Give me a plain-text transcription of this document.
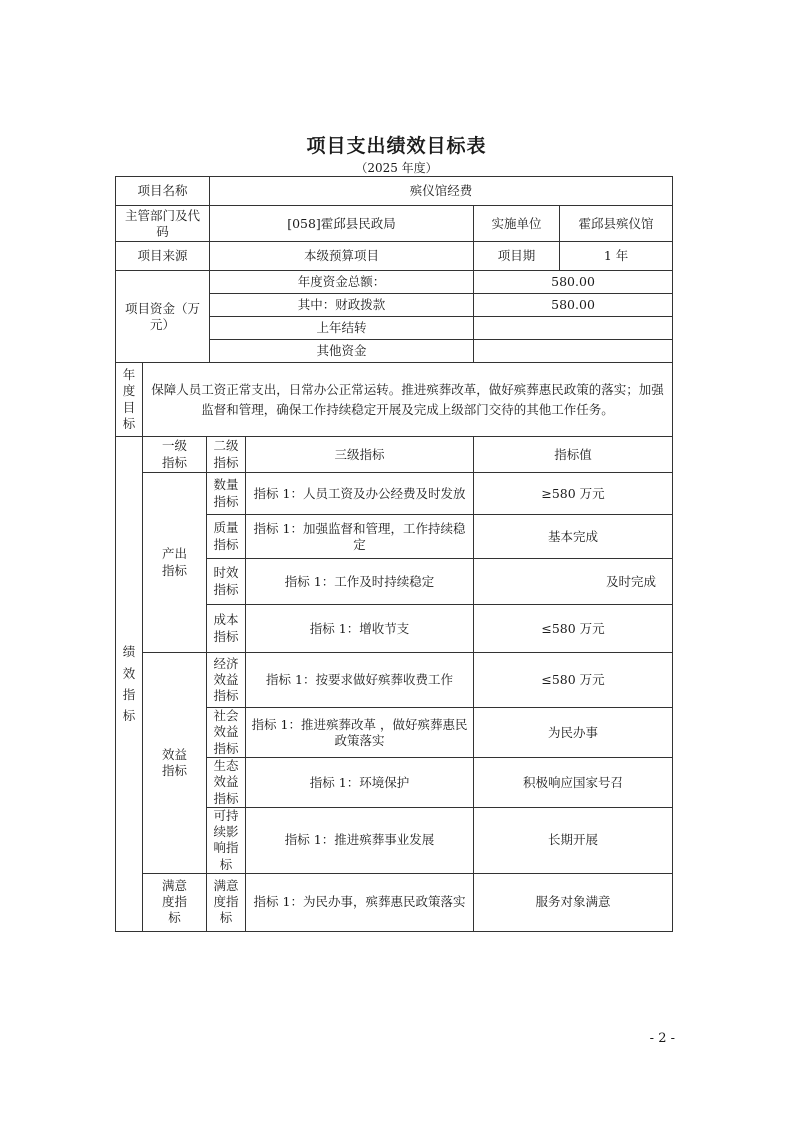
项目支出绩效目标表
（2025 年度）
项目名称			殡仪馆经费			
主管部门及代码			[058]霍邱县民政局		实施单位	霍邱县殡仪馆
项目来源			本级预算项目		项目期	1 年
项目资金（万元）			年度资金总额：		580.00	
			其中：财政拨款		580.00	
			上年结转			
			其他资金			
年度目标	保障人员工资正常支出，日常办公正常运转。推进殡葬改革，做好殡葬惠民政策的落实；加强监督和管理，确保工作持续稳定开展及完成上级部门交待的其他工作任务。					
绩效指标	一级指标	二级指标		三级指标	指标值	
	产出指标	数量指标		指标 1：人员工资及办公经费及时发放	≥580 万元	
		质量指标		指标 1：加强监督和管理，工作持续稳定	基本完成	
		时效指标		指标 1：工作及时持续稳定	及时完成	
		成本指标		指标 1：增收节支	≤580 万元	
	效益指标	经济效益指标		指标 1：按要求做好殡葬收费工作	≤580 万元	
		社会效益指标		指标 1：推进殡葬改革 ，做好殡葬惠民政策落实	为民办事	
		生态效益指标		指标 1：环境保护	积极响应国家号召	
		可持续影响指标		指标 1：推进殡葬事业发展	长期开展	
	满意度指标	满意度指标		指标 1：为民办事，殡葬惠民政策落实	服务对象满意	
- 2 -
